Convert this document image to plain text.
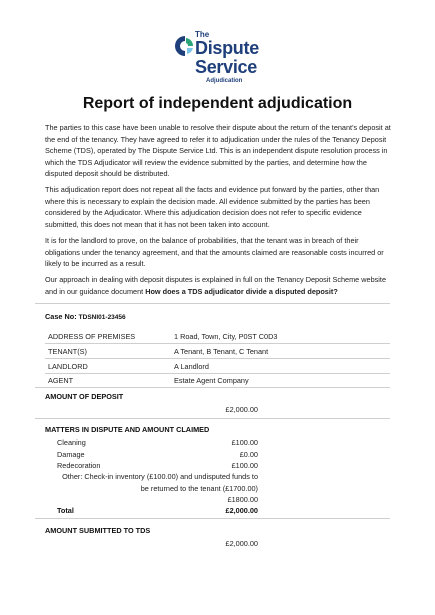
The
Dispute
Service
Adjudication
Report of independent adjudication

The parties to this case have been unable to resolve their dispute about the return of the tenant's deposit at the end of the tenancy. They have agreed to refer it to adjudication under the rules of the Tenancy Deposit Scheme (TDS), operated by The Dispute Service Ltd. This is an independent dispute resolution process in which the TDS Adjudicator will review the evidence submitted by the parties, and determine how the disputed deposit should be distributed.

This adjudication report does not repeat all the facts and evidence put forward by the parties, other than where this is necessary to explain the decision made. All evidence submitted by the parties has been considered by the Adjudicator. Where this adjudication decision does not refer to specific evidence submitted, this does not mean that it has not been taken into account.

It is for the landlord to prove, on the balance of probabilities, that the tenant was in breach of their obligations under the tenancy agreement, and that the amounts claimed are reasonable costs incurred or likely to be incurred as a result.

Our approach in dealing with deposit disputes is explained in full on the Tenancy Deposit Scheme website and in our guidance document How does a TDS adjudicator divide a disputed deposit?

Case No: TDSNI01-23456
ADDRESS OF PREMISES	1 Road, Town, City, P0ST C0D3
TENANT(S)	A Tenant, B Tenant, C Tenant
LANDLORD	A Landlord
AGENT	Estate Agent Company
AMOUNT OF DEPOSIT
£2,000.00
MATTERS IN DISPUTE AND AMOUNT CLAIMED
Cleaning	£100.00
Damage	£0.00
Redecoration	£100.00
Other: Check-in inventory (£100.00) and undisputed funds to
be returned to the tenant (£1700.00)
£1800.00
Total	£2,000.00
AMOUNT SUBMITTED TO TDS
£2,000.00
